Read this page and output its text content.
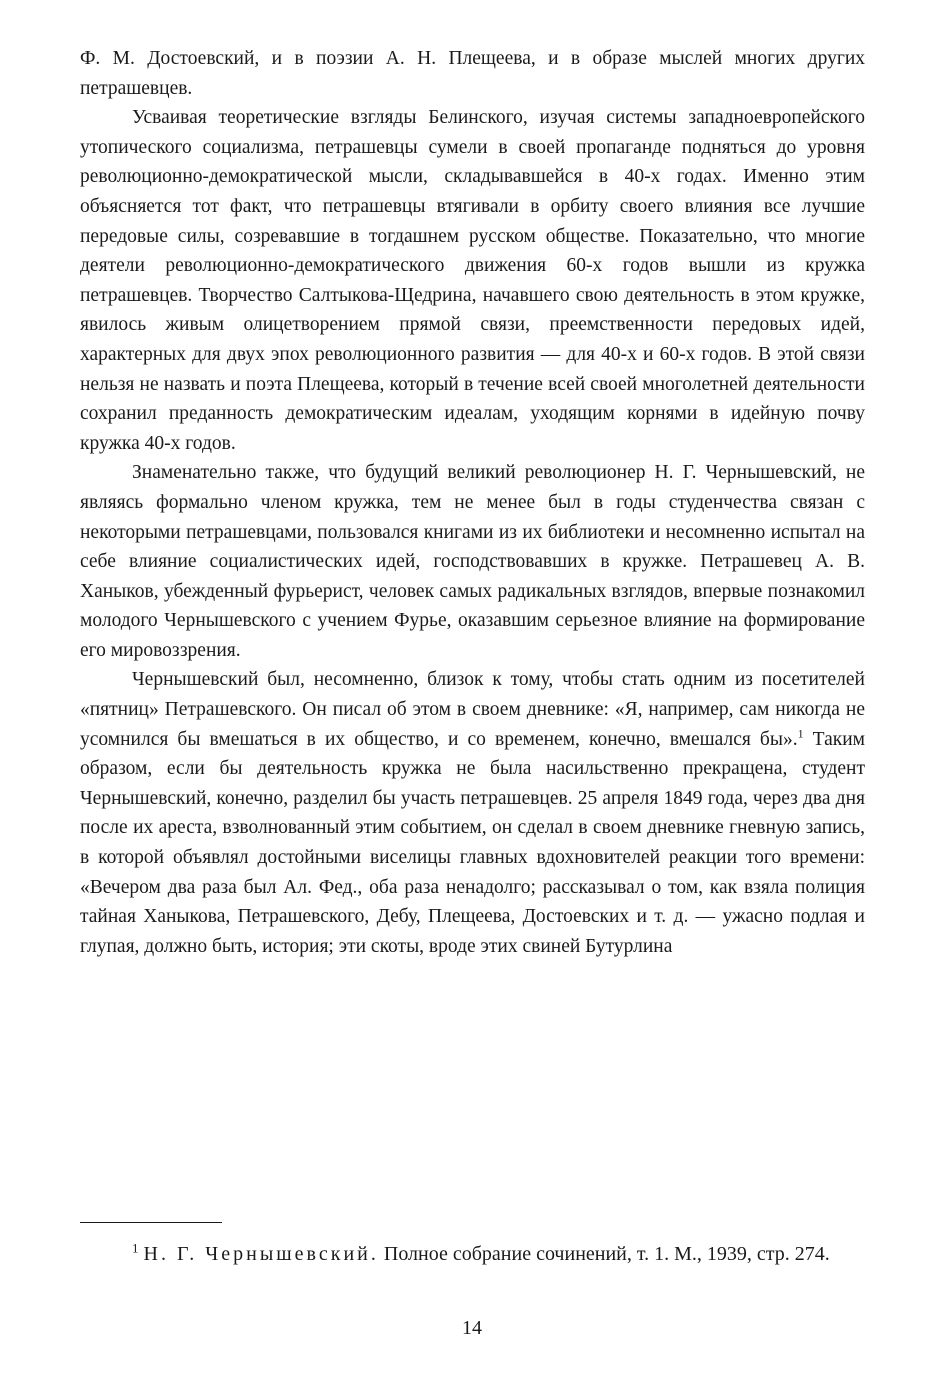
Ф. М. Достоевский, и в поэзии А. Н. Плещеева, и в образе мыслей многих других петрашевцев.

Усваивая теоретические взгляды Белинского, изучая системы западноевропейского утопического социализма, петрашевцы сумели в своей пропаганде подняться до уровня революционно-демократической мысли, складывавшейся в 40-х годах. Именно этим объясняется тот факт, что петрашевцы втягивали в орбиту своего влияния все лучшие передовые силы, созревавшие в тогдашнем русском обществе. Показательно, что многие деятели революционно-демократического движения 60-х годов вышли из кружка петрашевцев. Творчество Салтыкова-Щедрина, начавшего свою деятельность в этом кружке, явилось живым олицетворением прямой связи, преемственности передовых идей, характерных для двух эпох революционного развития — для 40-х и 60-х годов. В этой связи нельзя не назвать и поэта Плещеева, который в течение всей своей многолетней деятельности сохранил преданность демократическим идеалам, уходящим корнями в идейную почву кружка 40-х годов.

Знаменательно также, что будущий великий революционер Н. Г. Чернышевский, не являясь формально членом кружка, тем не менее был в годы студенчества связан с некоторыми петрашевцами, пользовался книгами из их библиотеки и несомненно испытал на себе влияние социалистических идей, господствовавших в кружке. Петрашевец А. В. Ханыков, убежденный фурьерист, человек самых радикальных взглядов, впервые познакомил молодого Чернышевского с учением Фурье, оказавшим серьезное влияние на формирование его мировоззрения.

Чернышевский был, несомненно, близок к тому, чтобы стать одним из посетителей «пятниц» Петрашевского. Он писал об этом в своем дневнике: «Я, например, сам никогда не усомнился бы вмешаться в их общество, и со временем, конечно, вмешался бы».$^1$ Таким образом, если бы деятельность кружка не была насильственно прекращена, студент Чернышевский, конечно, разделил бы участь петрашевцев. 25 апреля 1849 года, через два дня после их ареста, взволнованный этим событием, он сделал в своем дневнике гневную запись, в которой объявлял достойными виселицы главных вдохновителей реакции того времени: «Вечером два раза был Ал. Фед., оба раза ненадолго; рассказывал о том, как взяла полиция тайная Ханыкова, Петрашевского, Дебу, Плещеева, Достоевских и т. д. — ужасно подлая и глупая, должно быть, история; эти скоты, вроде этих свиней Бутурлина

$^1$ Н. Г. Чернышевский. Полное собрание сочинений, т. 1. М., 1939, стр. 274.

14
